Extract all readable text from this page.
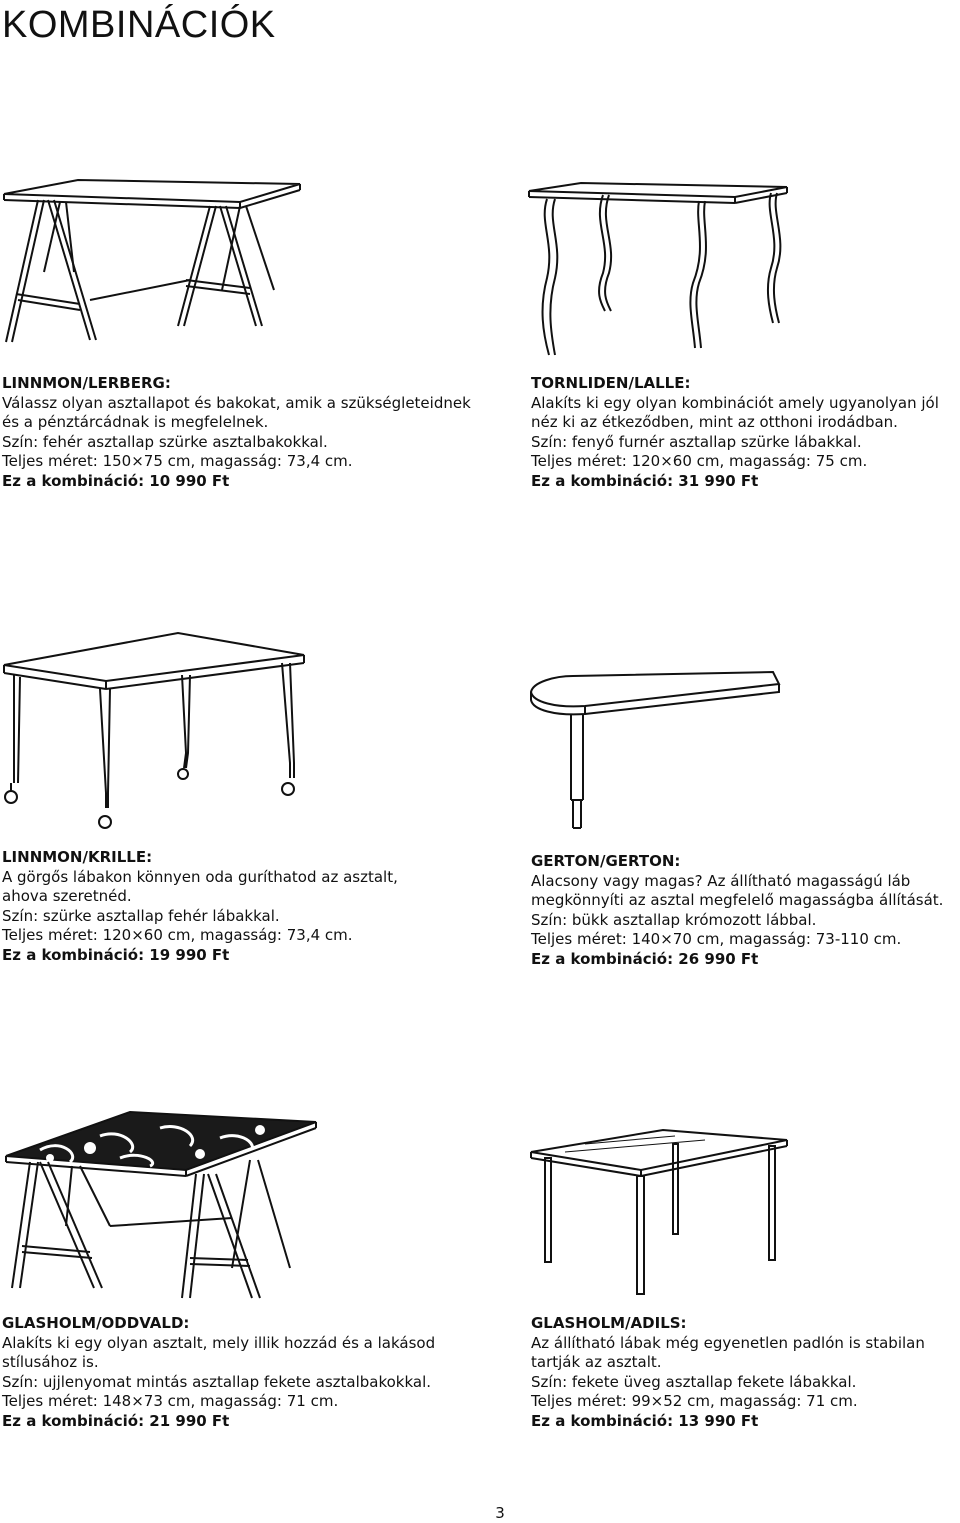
KOMBINÁCIÓK
LINNMON/LERBERG:
Válassz olyan asztallapot és bakokat, amik a szükségleteidnek
és a pénztárcádnak is megfelelnek.
Szín: fehér asztallap szürke asztalbakokkal.
Teljes méret: 150×75 cm, magasság: 73,4 cm.
Ez a kombináció: 10 990 Ft
TORNLIDEN/LALLE:
Alakíts ki egy olyan kombinációt amely ugyanolyan jól
néz ki az étkeződben, mint az otthoni irodádban.
Szín: fenyő furnér asztallap szürke lábakkal.
Teljes méret: 120×60 cm, magasság: 75 cm.
Ez a kombináció: 31 990 Ft
LINNMON/KRILLE:
A görgős lábakon könnyen oda guríthatod az asztalt,
ahova szeretnéd.
Szín: szürke asztallap fehér lábakkal.
Teljes méret: 120×60 cm, magasság: 73,4 cm.
Ez a kombináció: 19 990 Ft
GERTON/GERTON:
Alacsony vagy magas? Az állítható magasságú láb
megkönnyíti az asztal megfelelő magasságba állítását.
Szín: bükk asztallap krómozott lábbal.
Teljes méret: 140×70 cm, magasság: 73-110 cm.
Ez a kombináció: 26 990 Ft
GLASHOLM/ODDVALD:
Alakíts ki egy olyan asztalt, mely illik hozzád és a lakásod
stílusához is.
Szín: ujjlenyomat mintás asztallap fekete asztalbakokkal.
Teljes méret: 148×73 cm, magasság: 71 cm.
Ez a kombináció: 21 990 Ft
GLASHOLM/ADILS:
Az állítható lábak még egyenetlen padlón is stabilan
tartják az asztalt.
Szín: fekete üveg asztallap fekete lábakkal.
Teljes méret: 99×52 cm, magasság: 71 cm.
Ez a kombináció: 13 990 Ft
3
